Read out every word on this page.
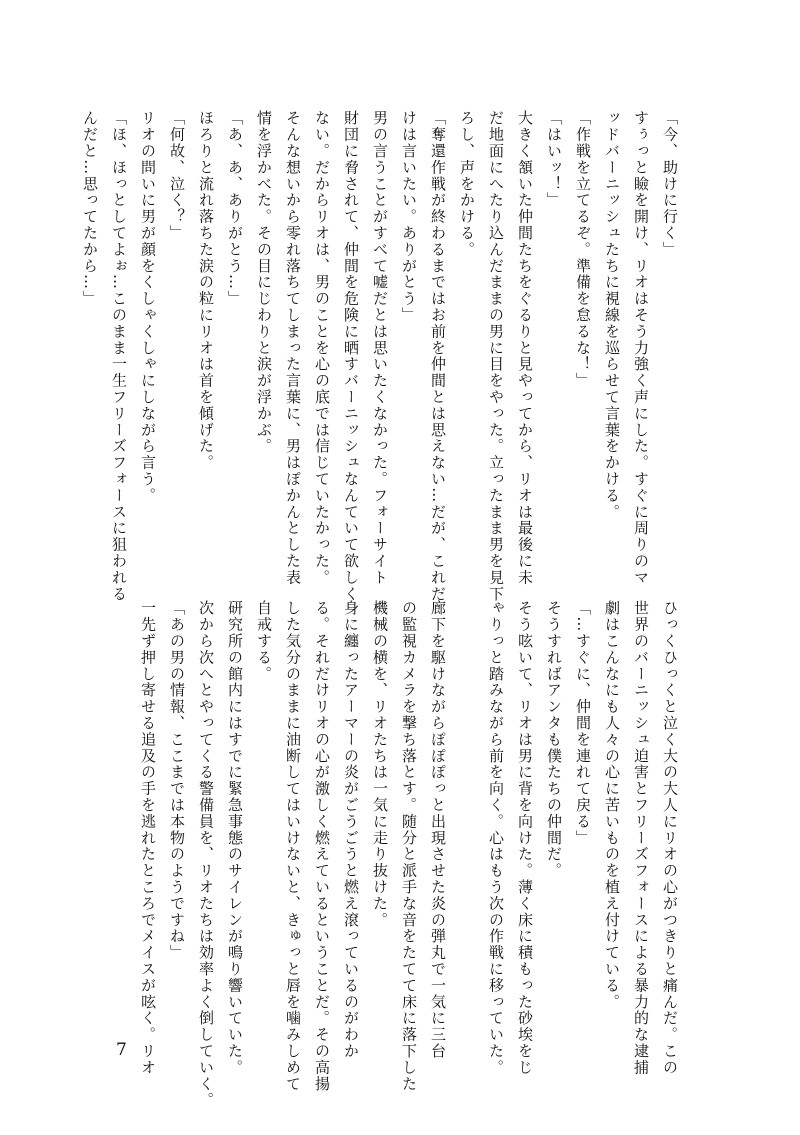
「今、助けに行く」

すぅっと瞼を開け、リオはそう力強く声にした。すぐに周りのマ

ッドバーニッシュたちに視線を巡らせて言葉をかける。

「作戦を立てるぞ。準備を怠るな！」

「はいッ！」

大きく頷いた仲間たちをぐるりと見やってから、リオは最後に未

だ地面にへたり込んだままの男に目をやった。立ったまま男を見下

ろし、声をかける。

「奪還作戦が終わるまではお前を仲間とは思えない…だが、これだ

けは言いたい。ありがとう」

男の言うことがすべて嘘だとは思いたくなかった。フォーサイト

財団に脅されて、仲間を危険に晒すバーニッシュなんていて欲しく

ない。だからリオは、男のことを心の底では信じていたかった。

そんな想いから零れ落ちてしまった言葉に、男はぽかんとした表

情を浮かべた。その目にじわりと涙が浮かぶ。

「あ、あ、ありがとう…」

ほろりと流れ落ちた涙の粒にリオは首を傾げた。

「何故、泣く？」

リオの問いに男が顔をくしゃくしゃにしながら言う。

「ほ、ほっとしてよぉ…このまま一生フリーズフォースに狙われる

んだと…思ってたから…」

ひっくひっくと泣く大の大人にリオの心がつきりと痛んだ。この

世界のバーニッシュ迫害とフリーズフォースによる暴力的な逮捕

劇はこんなにも人々の心に苦いものを植え付けている。

「…すぐに、仲間を連れて戻る」

そうすればアンタも僕たちの仲間だ。

そう呟いて、リオは男に背を向けた。薄く床に積もった砂埃をじ

ゃりっと踏みながら前を向く。心はもう次の作戦に移っていた。

廊下を駆けながらぽぽぽっと出現させた炎の弾丸で一気に三台

の監視カメラを撃ち落とす。随分と派手な音をたてて床に落下した

機械の横を、リオたちは一気に走り抜けた。

身に纏ったアーマーの炎がごうごうと燃え滾っているのがわか

る。それだけリオの心が激しく燃えているということだ。その高揚

した気分のままに油断してはいけないと、きゅっと唇を噛みしめて

自戒する。

研究所の館内にはすでに緊急事態のサイレンが鳴り響いていた。

次から次へとやってくる警備員を、リオたちは効率よく倒していく。

「あの男の情報、ここまでは本物のようですね」

一先ず押し寄せる追及の手を逃れたところでメイスが呟く。リオ

7
